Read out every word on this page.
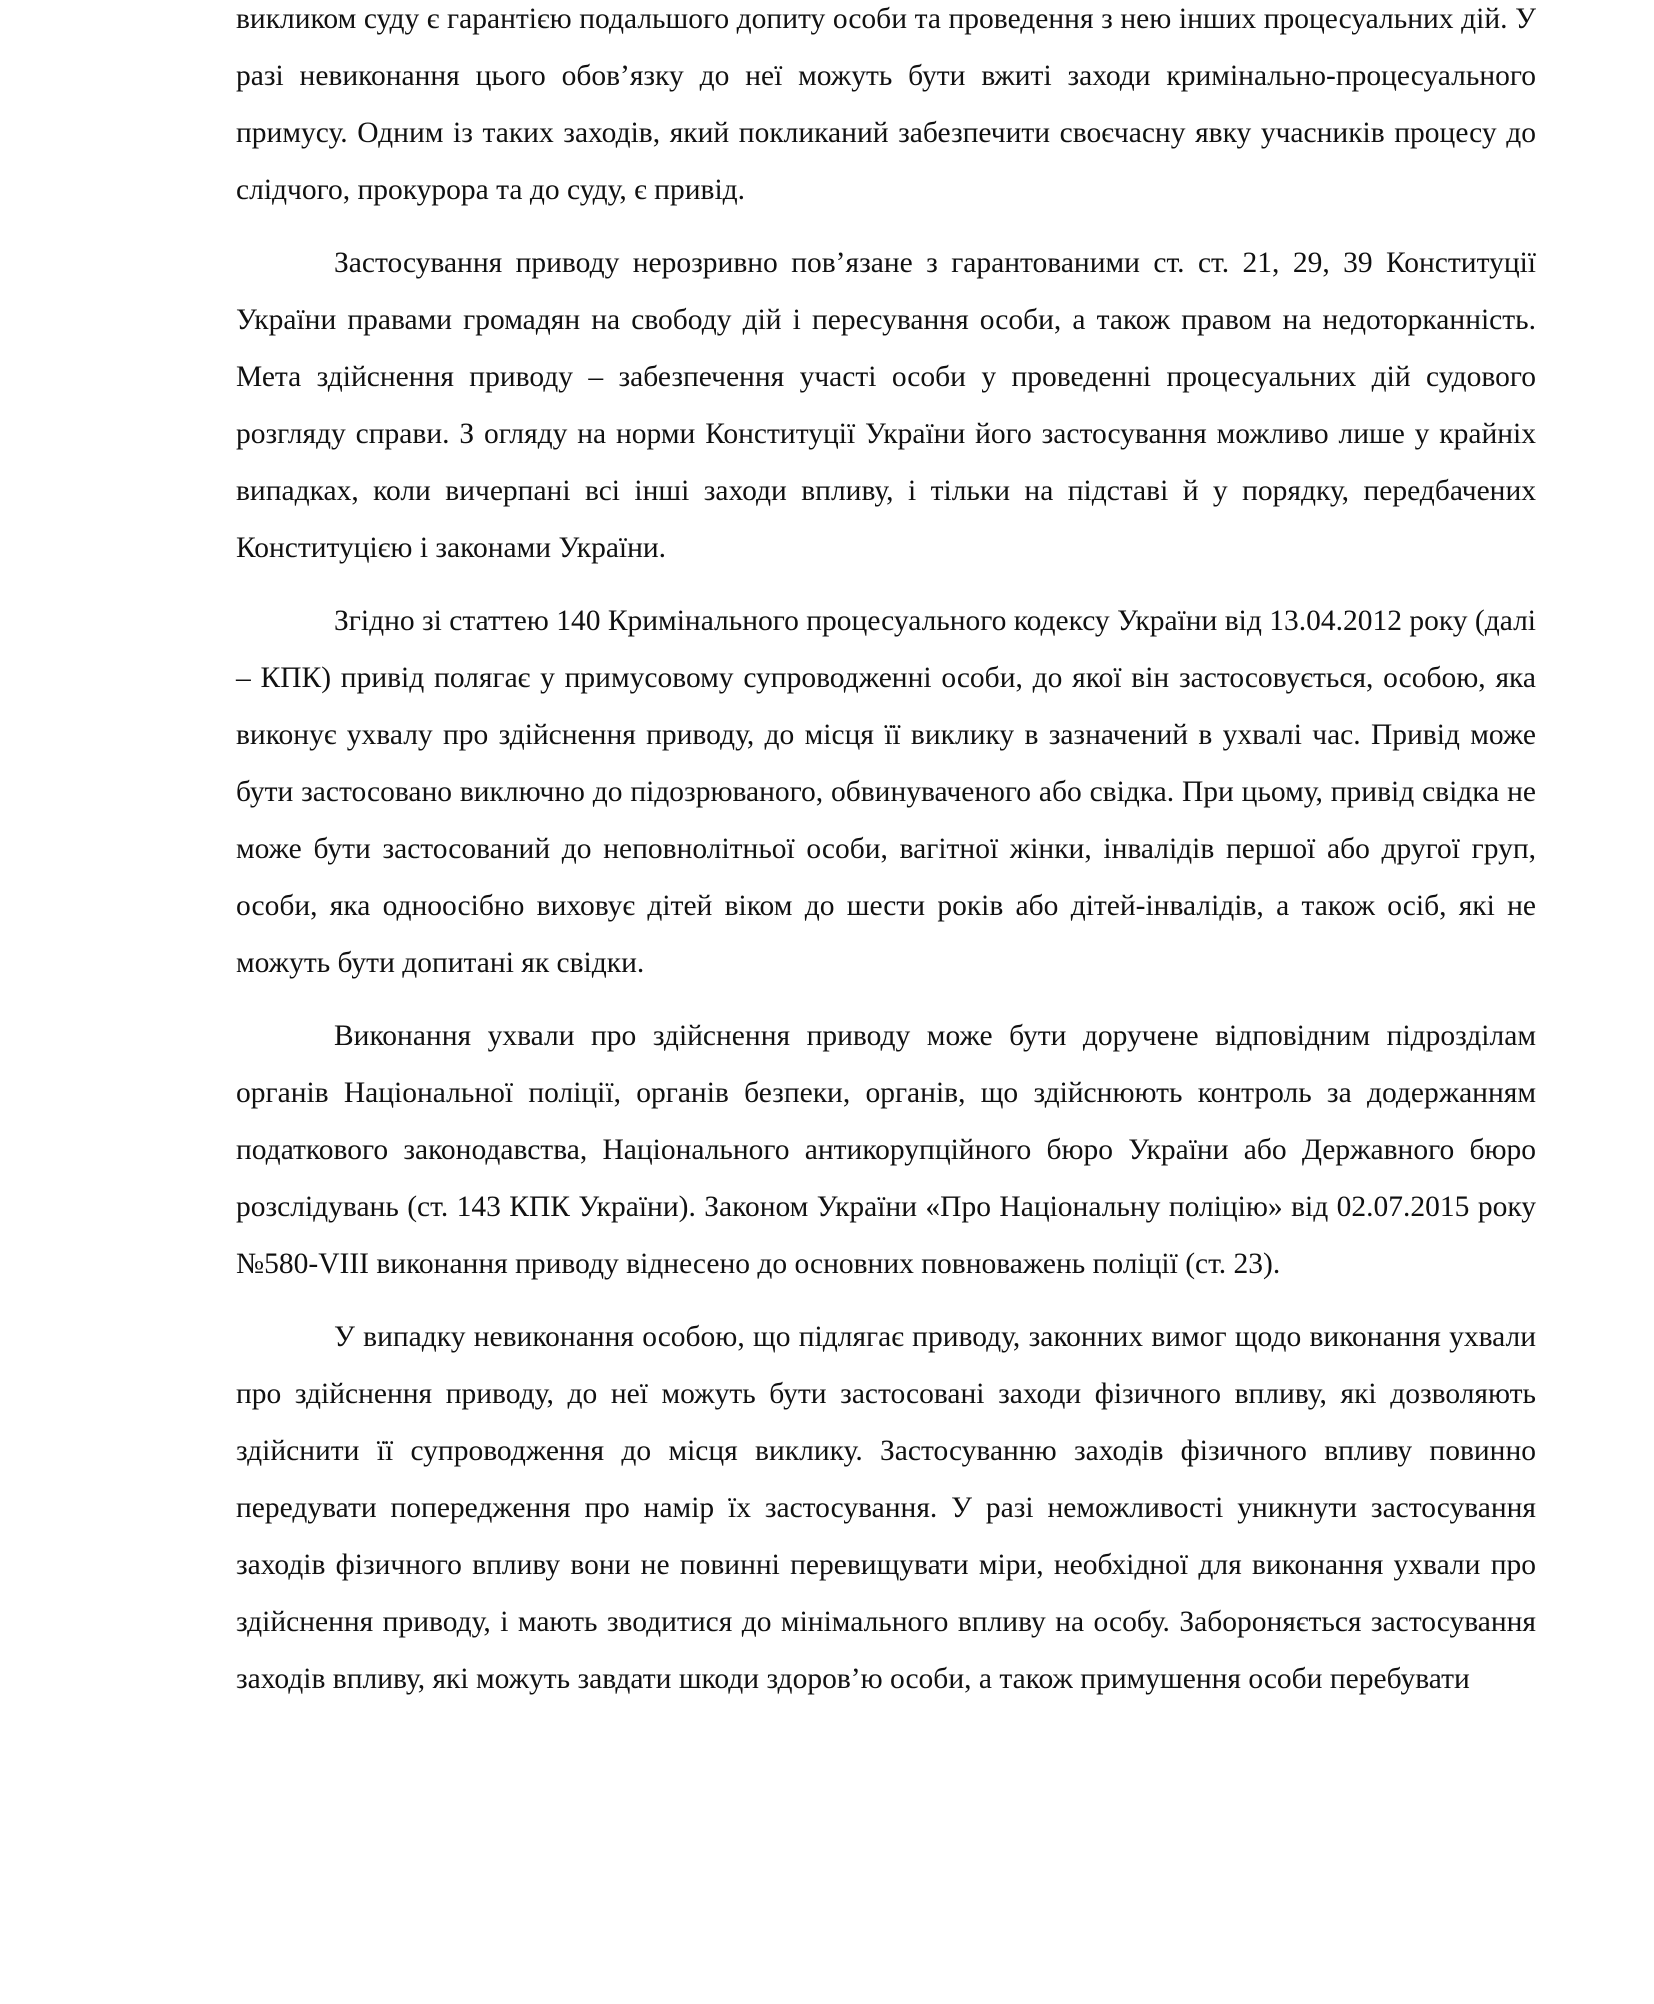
викликом суду є гарантією подальшого допиту особи та проведення з нею інших процесуальних дій. У разі невиконання цього обов’язку до неї можуть бути вжиті заходи кримінально-процесуального примусу. Одним із таких заходів, який покликаний забезпечити своєчасну явку учасників процесу до слідчого, прокурора та до суду, є привід.

Застосування приводу нерозривно пов’язане з гарантованими ст. ст. 21, 29, 39 Конституції України правами громадян на свободу дій і пересування особи, а також правом на недоторканність. Мета здійснення приводу – забезпечення участі особи у проведенні процесуальних дій судового розгляду справи. З огляду на норми Конституції України його застосування можливо лише у крайніх випадках, коли вичерпані всі інші заходи впливу, і тільки на підставі й у порядку, передбачених Конституцією і законами України.

Згідно зі статтею 140 Кримінального процесуального кодексу України від 13.04.2012 року (далі – КПК) привід полягає у примусовому супроводженні особи, до якої він застосовується, особою, яка виконує ухвалу про здійснення приводу, до місця її виклику в зазначений в ухвалі час. Привід може бути застосовано виключно до підозрюваного, обвинуваченого або свідка. При цьому, привід свідка не може бути застосований до неповнолітньої особи, вагітної жінки, інвалідів першої або другої груп, особи, яка одноосібно виховує дітей віком до шести років або дітей-інвалідів, а також осіб, які не можуть бути допитані як свідки.

Виконання ухвали про здійснення приводу може бути доручене відповідним підрозділам органів Національної поліції, органів безпеки, органів, що здійснюють контроль за додержанням податкового законодавства, Національного антикорупційного бюро України або Державного бюро розслідувань (ст. 143 КПК України). Законом України «Про Національну поліцію» від 02.07.2015 року №580-VIII виконання приводу віднесено до основних повноважень поліції (ст. 23).

У випадку невиконання особою, що підлягає приводу, законних вимог щодо виконання ухвали про здійснення приводу, до неї можуть бути застосовані заходи фізичного впливу, які дозволяють здійснити її супроводження до місця виклику. Застосуванню заходів фізичного впливу повинно передувати попередження про намір їх застосування. У разі неможливості уникнути застосування заходів фізичного впливу вони не повинні перевищувати міри, необхідної для виконання ухвали про здійснення приводу, і мають зводитися до мінімального впливу на особу. Забороняється застосування заходів впливу, які можуть завдати шкоди здоров’ю особи, а також примушення особи перебувати
